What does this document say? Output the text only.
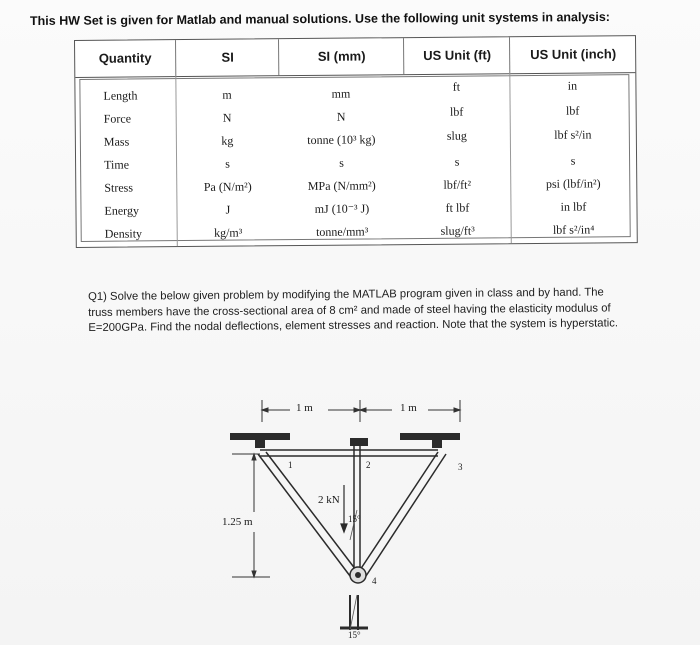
This HW Set is given for Matlab and manual solutions. Use the following unit systems in analysis:
Quantity	SI	SI (mm)	US Unit (ft)	US Unit (inch)
Length	m	mm	ft	in
Force	N	N	lbf	lbf
Mass	kg	tonne (10³ kg)	slug	lbf s²/in
Time	s	s	s	s
Stress	Pa (N/m²)	MPa (N/mm²)	lbf/ft²	psi (lbf/in²)
Energy	J	mJ (10⁻³ J)	ft lbf	in lbf
Density	kg/m³	tonne/mm³	slug/ft³	lbf s²/in⁴
Q1) Solve the below given problem by modifying the MATLAB program given in class and by hand. The truss members have the cross-sectional area of 8 cm² and made of steel having the elasticity modulus of E=200GPa. Find the nodal deflections, element stresses and reaction. Note that the system is hyperstatic.
1 m	1 m
1.25 m
2 kN
15°
15°
1	2	3
4
